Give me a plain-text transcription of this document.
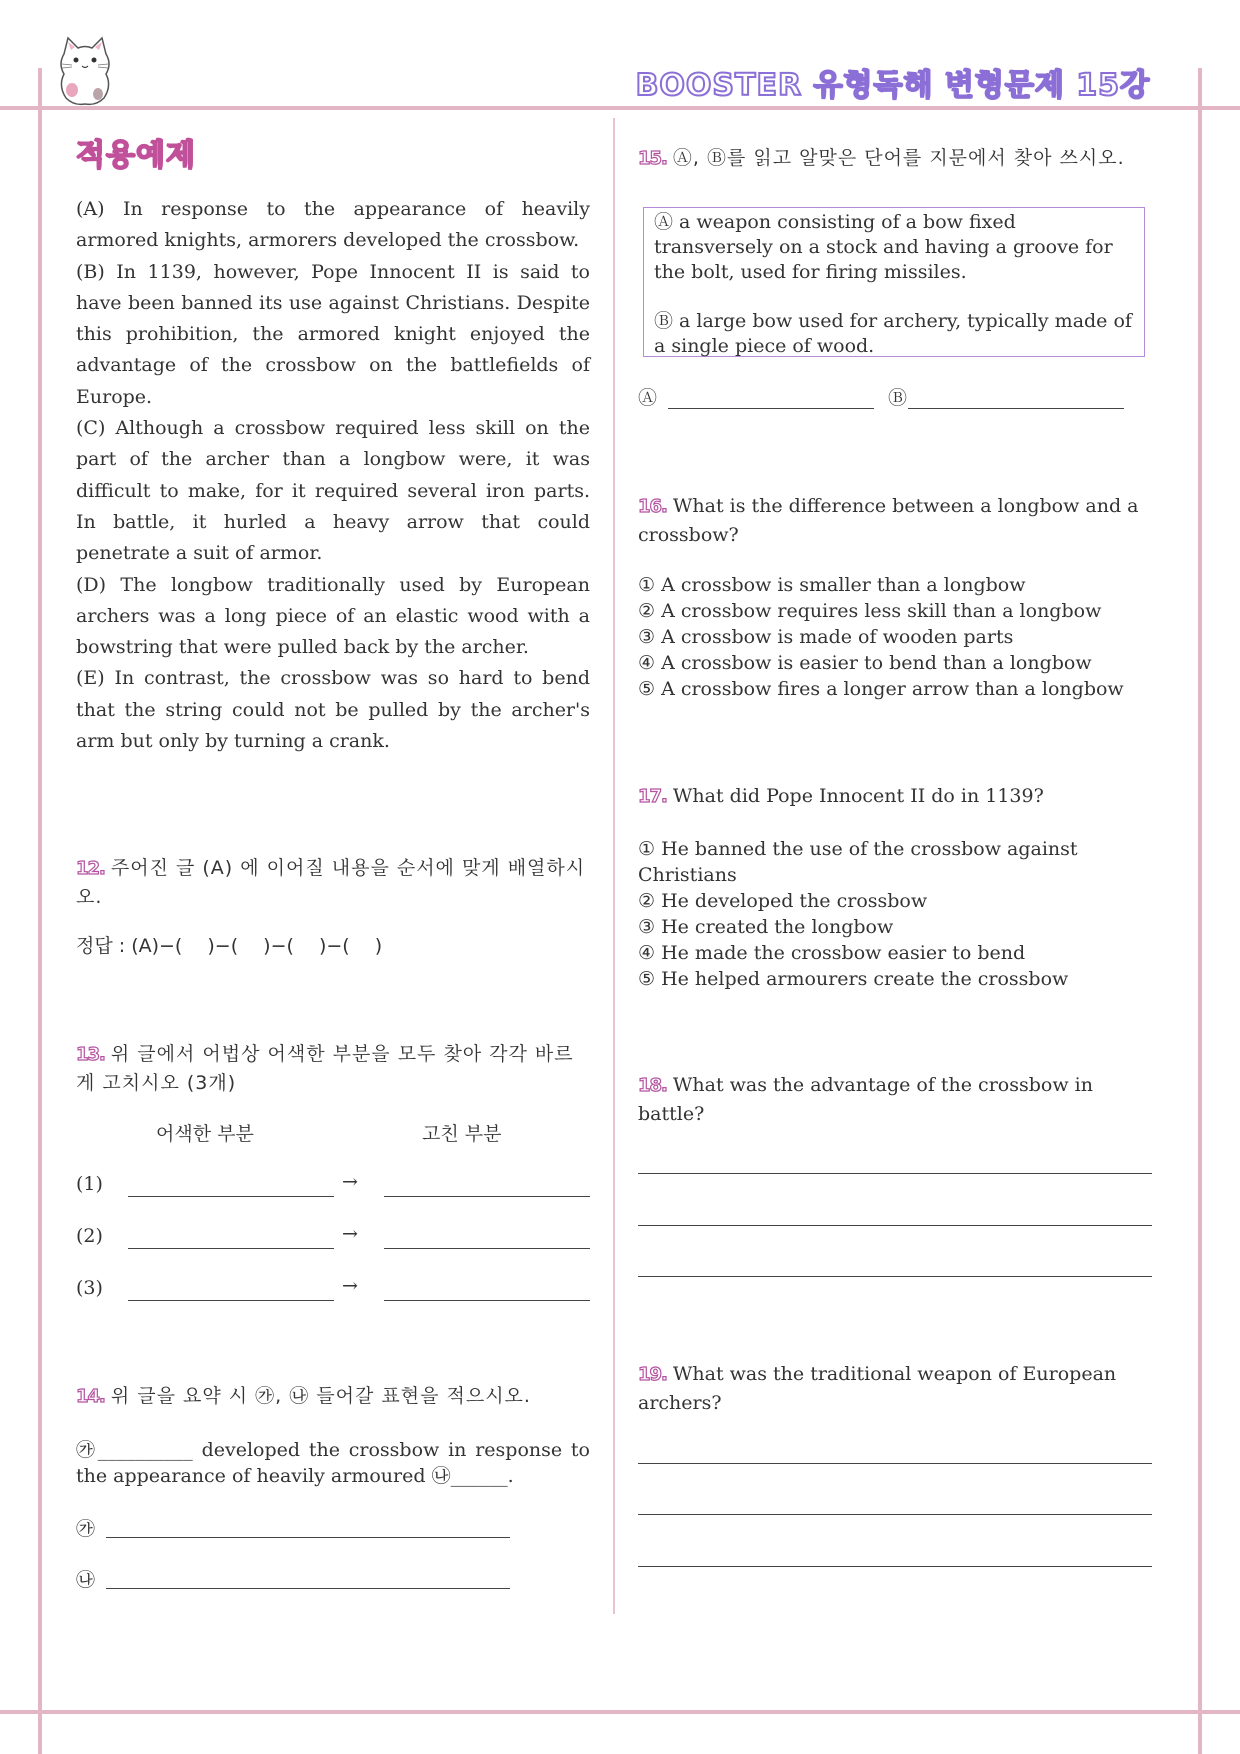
BOOSTER 유형독해 변형문제 15강
적용예제

(A) In response to the appearance of heavily armored knights, armorers developed the crossbow.

(B) In 1139, however, Pope Innocent II is said to have been banned its use against Christians. Despite this prohibition, the armored knight enjoyed the advantage of the crossbow on the battlefields of Europe.

(C) Although a crossbow required less skill on the part of the archer than a longbow were, it was difficult to make, for it required several iron parts. In battle, it hurled a heavy arrow that could penetrate a suit of armor.

(D) The longbow traditionally used by European archers was a long piece of an elastic wood with a bowstring that were pulled back by the archer.

(E) In contrast, the crossbow was so hard to bend that the string could not be pulled by the archer's arm but only by turning a crank.

12. 주어진 글 (A) 에 이어질 내용을 순서에 맞게 배열하시오.
정답 : (A)−(　 )−(　 )−(　 )−(　 )
13. 위 글에서 어법상 어색한 부분을 모두 찾아 각각 바르게 고치시오 (3개)
어색한 부분	고친 부분
(1)	→
(2)	→
(3)	→
14. 위 글을 요약 시 ㉮, ㉯ 들어갈 표현을 적으시오.
㉮__________ developed the crossbow in response to the appearance of heavily armoured ㉯______.
㉮
㉯
15. Ⓐ, Ⓑ를 읽고 알맞은 단어를 지문에서 찾아 쓰시오.

Ⓐ a weapon consisting of a bow fixed transversely on a stock and having a groove for the bolt, used for firing missiles.

Ⓑ a large bow used for archery, typically made of a single piece of wood.

Ⓐ	Ⓑ
16. What is the difference between a longbow and a crossbow?
① A crossbow is smaller than a longbow
② A crossbow requires less skill than a longbow
③ A crossbow is made of wooden parts
④ A crossbow is easier to bend than a longbow
⑤ A crossbow fires a longer arrow than a longbow
17. What did Pope Innocent II do in 1139?
① He banned the use of the crossbow against Christians
② He developed the crossbow
③ He created the longbow
④ He made the crossbow easier to bend
⑤ He helped armourers create the crossbow
18. What was the advantage of the crossbow in battle?
19. What was the traditional weapon of European archers?
